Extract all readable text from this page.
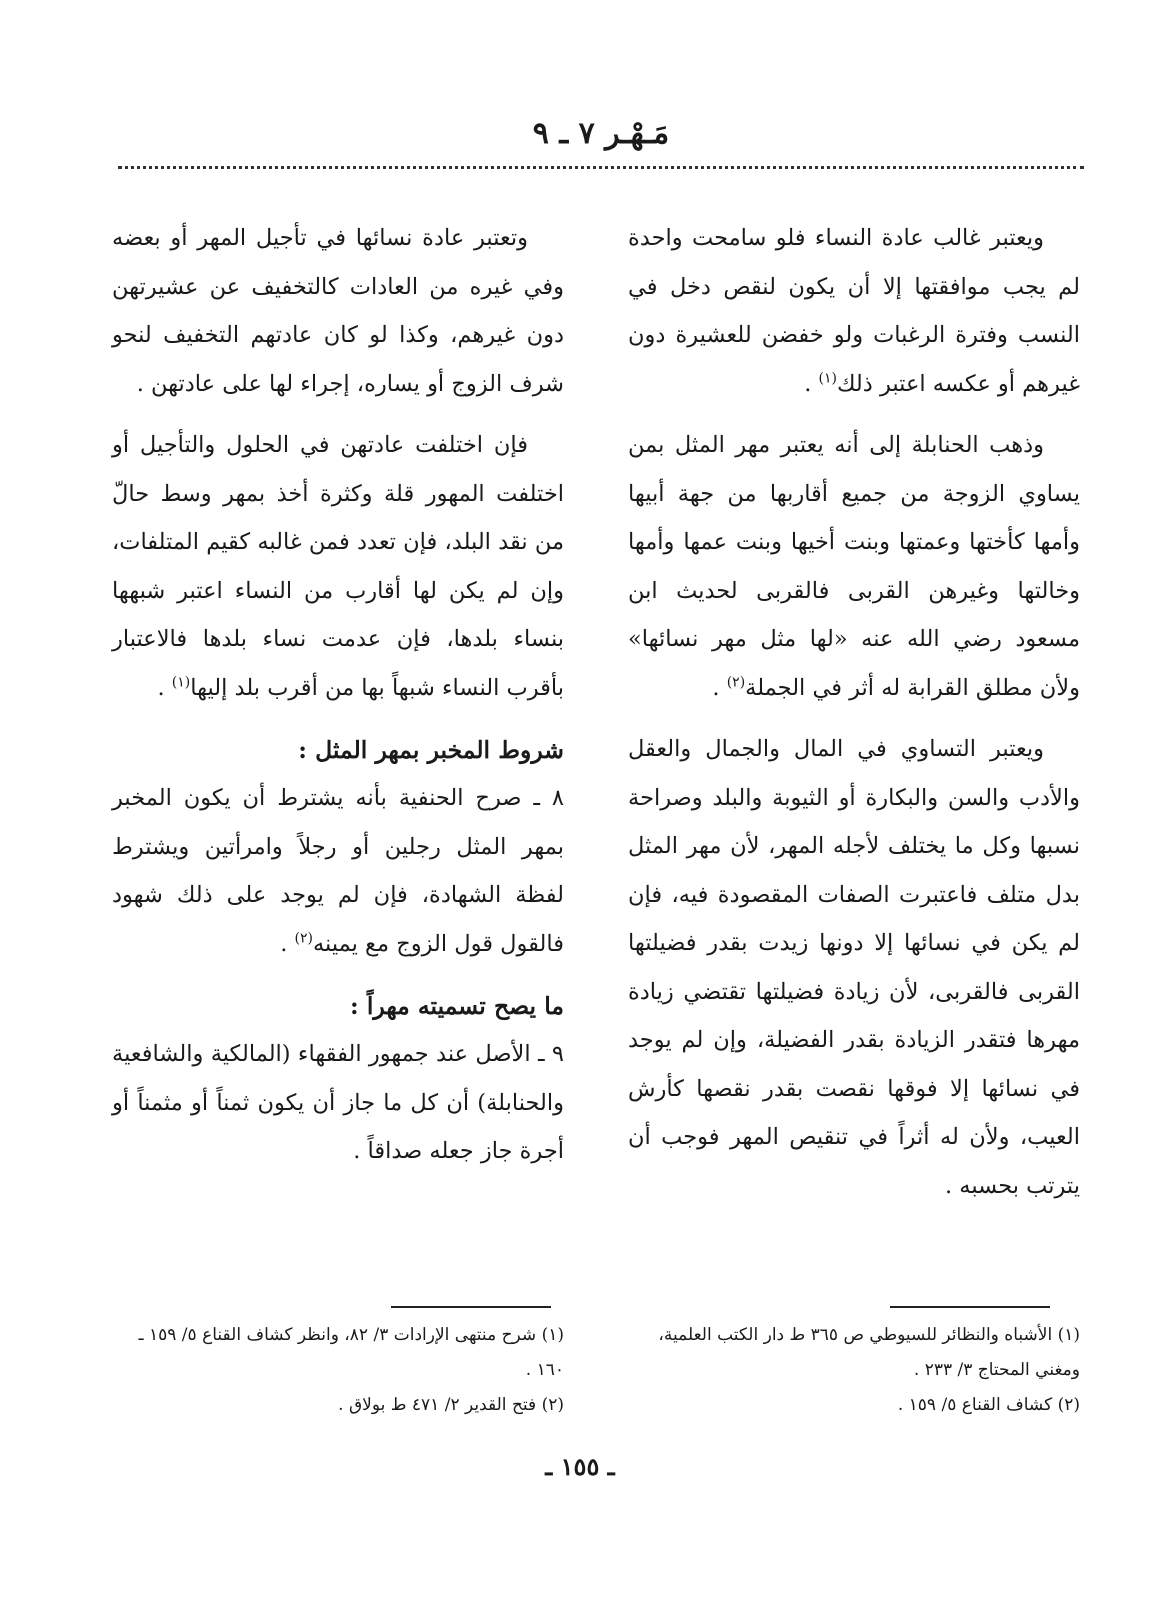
مَـهْـر ٧ ـ ٩

ويعتبر غالب عادة النساء فلو سامحت واحدة لم يجب موافقتها إلا أن يكون لنقص دخل في النسب وفترة الرغبات ولو خفضن للعشيرة دون غيرهم أو عكسه اعتبر ذلك$^{(١)}$ .

وذهب الحنابلة إلى أنه يعتبر مهر المثل بمن يساوي الزوجة من جميع أقاربها من جهة أبيها وأمها كأختها وعمتها وبنت أخيها وبنت عمها وأمها وخالتها وغيرهن القربى فالقربى لحديث ابن مسعود رضي الله عنه «لها مثل مهر نسائها» ولأن مطلق القرابة له أثر في الجملة$^{(٢)}$ .

ويعتبر التساوي في المال والجمال والعقل والأدب والسن والبكارة أو الثيوبة والبلد وصراحة نسبها وكل ما يختلف لأجله المهر، لأن مهر المثل بدل متلف فاعتبرت الصفات المقصودة فيه، فإن لم يكن في نسائها إلا دونها زيدت بقدر فضيلتها القربى فالقربى، لأن زيادة فضيلتها تقتضي زيادة مهرها فتقدر الزيادة بقدر الفضيلة، وإن لم يوجد في نسائها إلا فوقها نقصت بقدر نقصها كأرش العيب، ولأن له أثراً في تنقيص المهر فوجب أن يترتب بحسبه .

وتعتبر عادة نسائها في تأجيل المهر أو بعضه وفي غيره من العادات كالتخفيف عن عشيرتهن دون غيرهم، وكذا لو كان عادتهم التخفيف لنحو شرف الزوج أو يساره، إجراء لها على عادتهن .

فإن اختلفت عادتهن في الحلول والتأجيل أو اختلفت المهور قلة وكثرة أخذ بمهر وسط حالّ من نقد البلد، فإن تعدد فمن غالبه كقيم المتلفات، وإن لم يكن لها أقارب من النساء اعتبر شبهها بنساء بلدها، فإن عدمت نساء بلدها فالاعتبار بأقرب النساء شبهاً بها من أقرب بلد إليها$^{(١)}$ .

شروط المخبر بمهر المثل :

٨ ـ صرح الحنفية بأنه يشترط أن يكون المخبر بمهر المثل رجلين أو رجلاً وامرأتين ويشترط لفظة الشهادة، فإن لم يوجد على ذلك شهود فالقول قول الزوج مع يمينه$^{(٢)}$ .

ما يصح تسميته مهراً :

٩ ـ الأصل عند جمهور الفقهاء (المالكية والشافعية والحنابلة) أن كل ما جاز أن يكون ثمناً أو مثمناً أو أجرة جاز جعله صداقاً .

(١) الأشباه والنظائر للسيوطي ص ٣٦٥ ط دار الكتب العلمية، ومغني المحتاج ٣/ ٢٣٣ .
(٢) كشاف القناع ٥/ ١٥٩ .
(١) شرح منتهى الإرادات ٣/ ٨٢، وانظر كشاف القناع ٥/ ١٥٩ ـ ١٦٠ .
(٢) فتح القدير ٢/ ٤٧١ ط بولاق .
ـ ١٥٥ ـ
